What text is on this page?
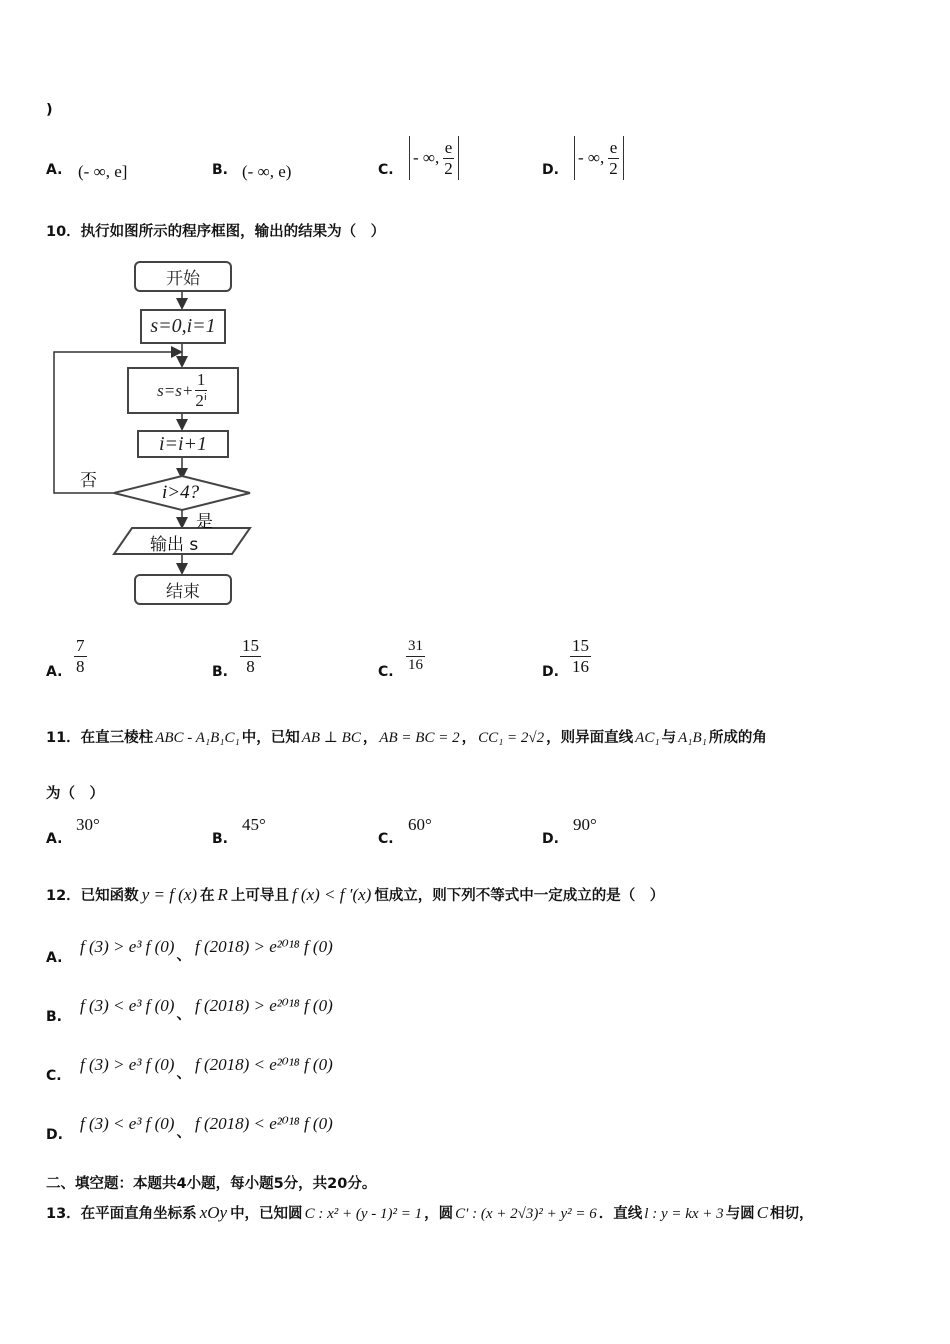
)
A. (- ∞, e]	B. (- ∞, e)	C.
- ∞, $\frac{e}{2}$	D.
- ∞, $\frac{e}{2}$
10．执行如图所示的程序框图，输出的结果为（　）
开始
s=0,i=1
$s=s+ \frac{1}{\text{2ⁱ}}$
i=i+1
i>4?
否
是
输出 s
结束
A. $\frac{7}{8}$	B. $\frac{15}{8}$	C. $\frac{31}{16}$	D. $\frac{15}{16}$
11．在直三棱柱 ABC - A₁B₁C₁ 中，已知 AB ⊥ BC ， AB = BC = 2 ， CC₁ = 2√2 ，则异面直线 AC₁ 与 A₁B₁ 所成的角
为（　）
A.
30°
B.
45°
C.
60°
D.
90°
12．已知函数 y = f (x) 在 R 上可导且 f (x) < f ′(x) 恒成立，则下列不等式中一定成立的是（　）
A.
f (3) > e³ f (0) 、 f (2018) > e²⁰¹⁸ f (0)
B.
f (3) < e³ f (0) 、 f (2018) > e²⁰¹⁸ f (0)
C.
f (3) > e³ f (0) 、 f (2018) < e²⁰¹⁸ f (0)
D.
f (3) < e³ f (0) 、 f (2018) < e²⁰¹⁸ f (0)
二、填空题：本题共4小题，每小题5分，共20分。
13．在平面直角坐标系 xOy 中，已知圆 C : x² + (y - 1)² = 1 ，圆 C′ : (x + 2√3)² + y² = 6 ．直线 l : y = kx + 3 与圆 C 相切，
